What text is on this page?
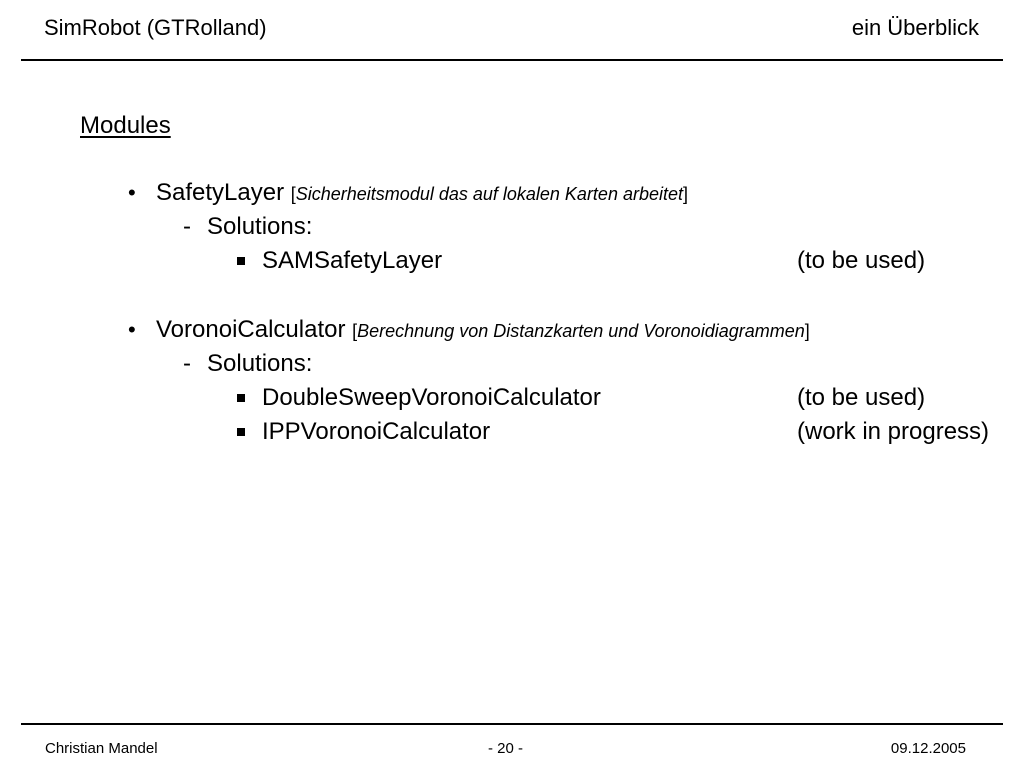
SimRobot (GTRolland)	ein Überblick
Modules
• SafetyLayer [Sicherheitsmodul das auf lokalen Karten arbeitet]
- Solutions:
SAMSafetyLayer	(to be used)
• VoronoiCalculator [Berechnung von Distanzkarten und Voronoidiagrammen]
- Solutions:
DoubleSweepVoronoiCalculator	(to be used)
IPPVoronoiCalculator	(work in progress)
Christian Mandel	- 20 -	09.12.2005
